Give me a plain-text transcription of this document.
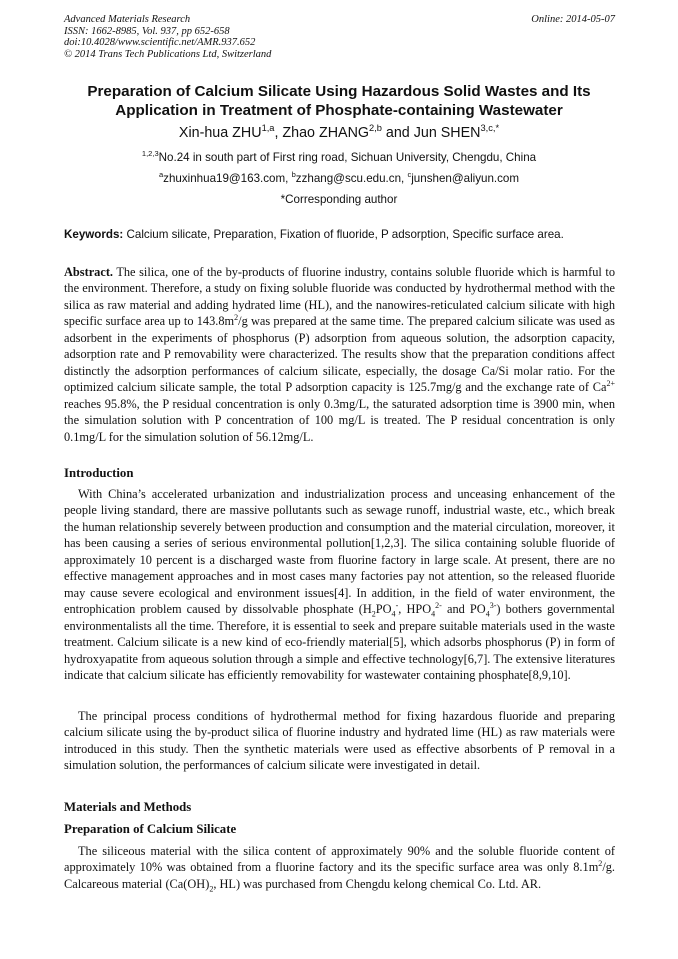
Advanced Materials Research
ISSN: 1662-8985, Vol. 937, pp 652-658
doi:10.4028/www.scientific.net/AMR.937.652
© 2014 Trans Tech Publications Ltd, Switzerland
Online: 2014-05-07
Preparation of Calcium Silicate Using Hazardous Solid Wastes and Its
Application in Treatment of Phosphate-containing Wastewater
Xin-hua ZHU$^{1,a}$, Zhao ZHANG$^{2,b}$ and Jun $SHEN^{3,c,*}$
$^{1,2,3}$No.24 in south part of First ring road, Sichuan University, Chengdu, China
$^a$zhuxinhua19@163.com, $^b$zzhang@scu.edu.cn, $^c$junshen@aliyun.com
*Corresponding author
Keywords: Calcium silicate, Preparation, Fixation of fluoride, P adsorption, Specific surface area.
Abstract. The silica, one of the by-products of fluorine industry, contains soluble fluoride which is harmful to the environment. Therefore, a study on fixing soluble fluoride was conducted by hydrothermal method with the silica as raw material and adding hydrated lime (HL), and the nanowires-reticulated calcium silicate with high specific surface area up to $143.8m^2/g$ was prepared at the same time. The prepared calcium silicate was used as adsorbent in the experiments of phosphorus (P) adsorption from aqueous solution, the adsorption capacity, adsorption rate and P removability were characterized. The results show that the preparation conditions affect distinctly the adsorption performances of calcium silicate, especially, the dosage Ca/Si molar ratio. For the optimized calcium silicate sample, the total P adsorption capacity is 125.7mg/g and the exchange rate of $Ca^{2+}$ reaches 95.8%, the P residual concentration is only 0.3mg/L, the saturated adsorption time is 3900 min, when the simulation solution with P concentration of 100 mg/L is treated. The P residual concentration is only 0.1mg/L for the simulation solution of 56.12mg/L.
Introduction
With China’s accelerated urbanization and industrialization process and unceasing enhancement of the people living standard, there are massive pollutants such as sewage runoff, industrial waste, etc., which break the human relationship severely between production and consumption and the material circulation, moreover, it has been causing a series of serious environmental pollution[1,2,3]. The silica containing soluble fluoride of approximately 10 percent is a discharged waste from fluorine factory in large scale. At present, there are no effective management approaches and in most cases many factories pay not attention, so the released fluoride may cause severe ecological and environment issues[4]. In addition, in the field of water environment, the entrophication problem caused by dissolvable phosphate ($H_2PO_4^-$, $HPO_4^{2-}$ and $PO_4^{3-}$) bothers governmental environmentalists all the time. Therefore, it is essential to seek and prepare suitable materials used in the waste treatment. Calcium silicate is a new kind of eco-friendly material[5], which adsorbs phosphorus (P) in form of hydroxyapatite from aqueous solution through a simple and effective technology[6,7]. The extensive literatures indicate that calcium silicate has efficiently removability for wastewater containing phosphate[8,9,10].
The principal process conditions of hydrothermal method for fixing hazardous fluoride and preparing calcium silicate using the by-product silica of fluorine industry and hydrated lime (HL) as raw materials were introduced in this study. Then the synthetic materials were used as effective absorbents of P removal in a simulation solution, the performances of calcium silicate were investigated in detail.
Materials and Methods
Preparation of Calcium Silicate
The siliceous material with the silica content of approximately 90% and the soluble fluoride content of approximately 10% was obtained from a fluorine factory and its the specific surface area was only $8.1m^2/g$. Calcareous material ($Ca(OH)_2$, HL) was purchased from Chengdu kelong chemical Co. Ltd. AR.
